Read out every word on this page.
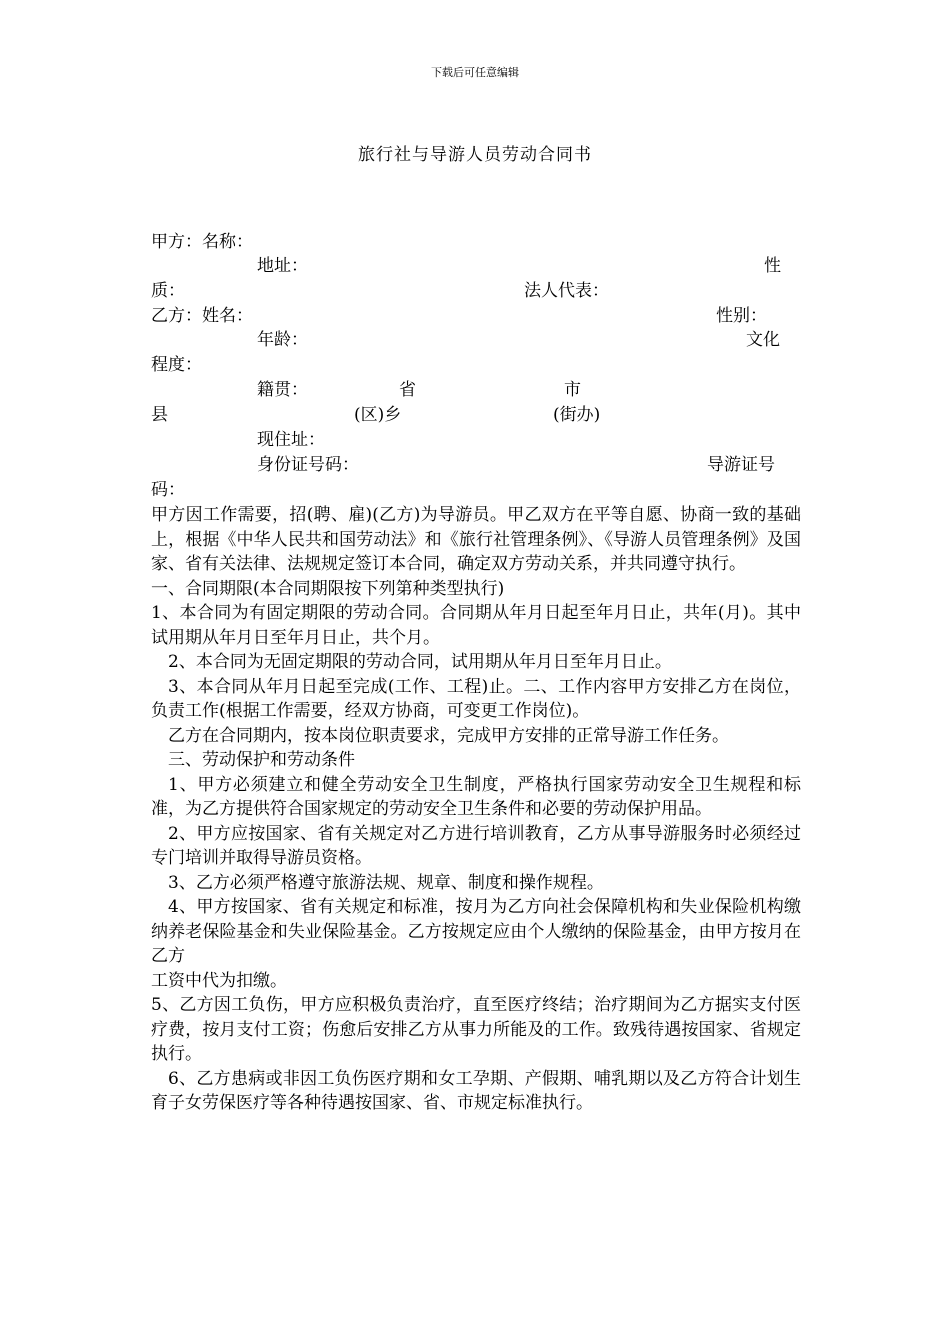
下载后可任意编辑
旅行社与导游人员劳动合同书
甲方：名称：
地址：	性
质：	法人代表：
乙方：姓名：	性别：
年龄：	文化
程度：
籍贯：	省	市
县	(区)乡	(街办)
现住址：
身份证号码：	导游证号
码：

甲方因工作需要，招(聘、雇)(乙方)为导游员。甲乙双方在平等自愿、协商一致的基础上，根据《中华人民共和国劳动法》和《旅行社管理条例》、《导游人员管理条例》及国家、省有关法律、法规规定签订本合同，确定双方劳动关系，并共同遵守执行。

一、合同期限(本合同期限按下列第种类型执行)

1、本合同为有固定期限的劳动合同。合同期从年月日起至年月日止，共年(月)。其中试用期从年月日至年月日止，共个月。

2、本合同为无固定期限的劳动合同，试用期从年月日至年月日止。

3、本合同从年月日起至完成(工作、工程)止。二、工作内容甲方安排乙方在岗位，负责工作(根据工作需要，经双方协商，可变更工作岗位)。

乙方在合同期内，按本岗位职责要求，完成甲方安排的正常导游工作任务。

三、劳动保护和劳动条件

1、甲方必须建立和健全劳动安全卫生制度，严格执行国家劳动安全卫生规程和标准，为乙方提供符合国家规定的劳动安全卫生条件和必要的劳动保护用品。

2、甲方应按国家、省有关规定对乙方进行培训教育，乙方从事导游服务时必须经过专门培训并取得导游员资格。

3、乙方必须严格遵守旅游法规、规章、制度和操作规程。

4、甲方按国家、省有关规定和标准，按月为乙方向社会保障机构和失业保险机构缴纳养老保险基金和失业保险基金。乙方按规定应由个人缴纳的保险基金，由甲方按月在乙方

工资中代为扣缴。

5、乙方因工负伤，甲方应积极负责治疗，直至医疗终结；治疗期间为乙方据实支付医疗费，按月支付工资；伤愈后安排乙方从事力所能及的工作。致残待遇按国家、省规定执行。

6、乙方患病或非因工负伤医疗期和女工孕期、产假期、哺乳期以及乙方符合计划生育子女劳保医疗等各种待遇按国家、省、市规定标准执行。
